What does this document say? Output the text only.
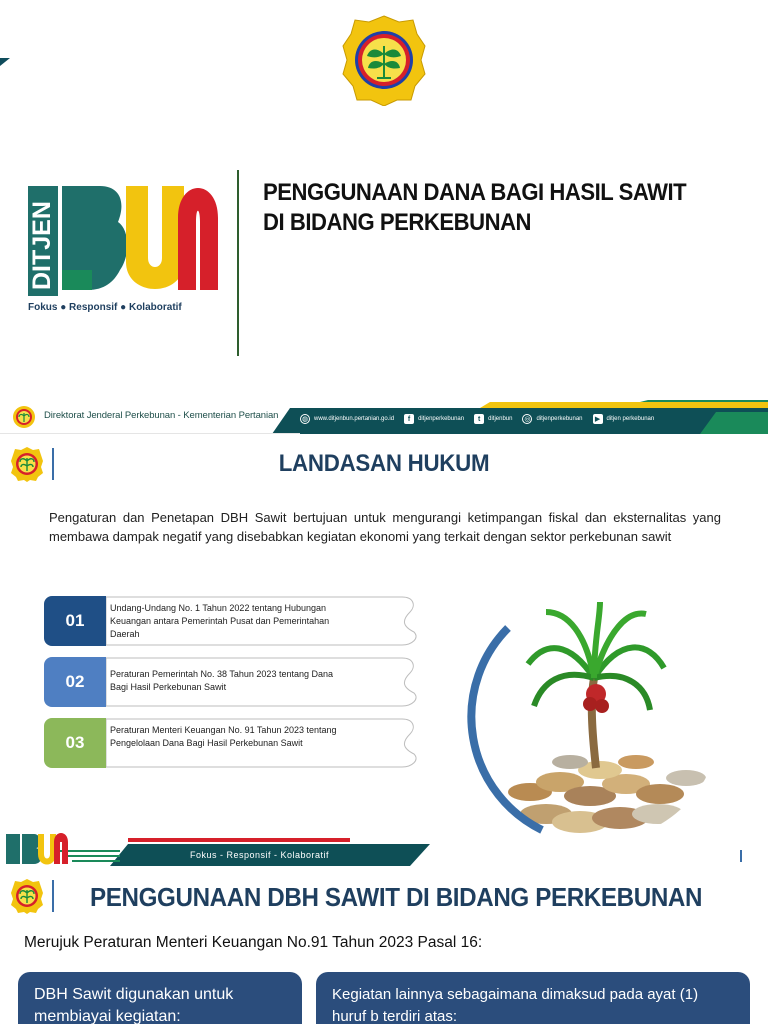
DITJEN
Fokus ● Responsif ● Kolaboratif
PENGGUNAAN DANA BAGI HASIL SAWIT DI BIDANG PERKEBUNAN
Direktorat Jenderal Perkebunan - Kementerian Pertanian	◍ www.ditjenbun.pertanian.go.id	f	ditjenperkebunan	t	ditjenbun ◎ ditjenperkebunan	▶	ditjen perkebunan
LANDASAN HUKUM

Pengaturan dan Penetapan DBH Sawit bertujuan untuk mengurangi ketimpangan fiskal dan eksternalitas yang membawa dampak negatif yang disebabkan kegiatan ekonomi yang terkait dengan sektor perkebunan sawit

01

Undang-Undang No. 1 Tahun 2022 tentang Hubungan Keuangan antara Pemerintah Pusat dan Pemerintahan Daerah

02	Peraturan Pemerintah No. 38 Tahun 2023 tentang Dana Bagi Hasil Perkebunan Sawit

03

Peraturan Menteri Keuangan No. 91 Tahun 2023 tentang Pengelolaan Dana Bagi Hasil Perkebunan Sawit

Fokus - Responsif - Kolaboratif
PENGGUNAAN DBH SAWIT DI BIDANG PERKEBUNAN

Merujuk Peraturan Menteri Keuangan No.91 Tahun 2023 Pasal 16:

DBH Sawit digunakan untuk membiayai kegiatan:
Kegiatan lainnya sebagaimana dimaksud pada ayat (1) huruf b terdiri atas:
